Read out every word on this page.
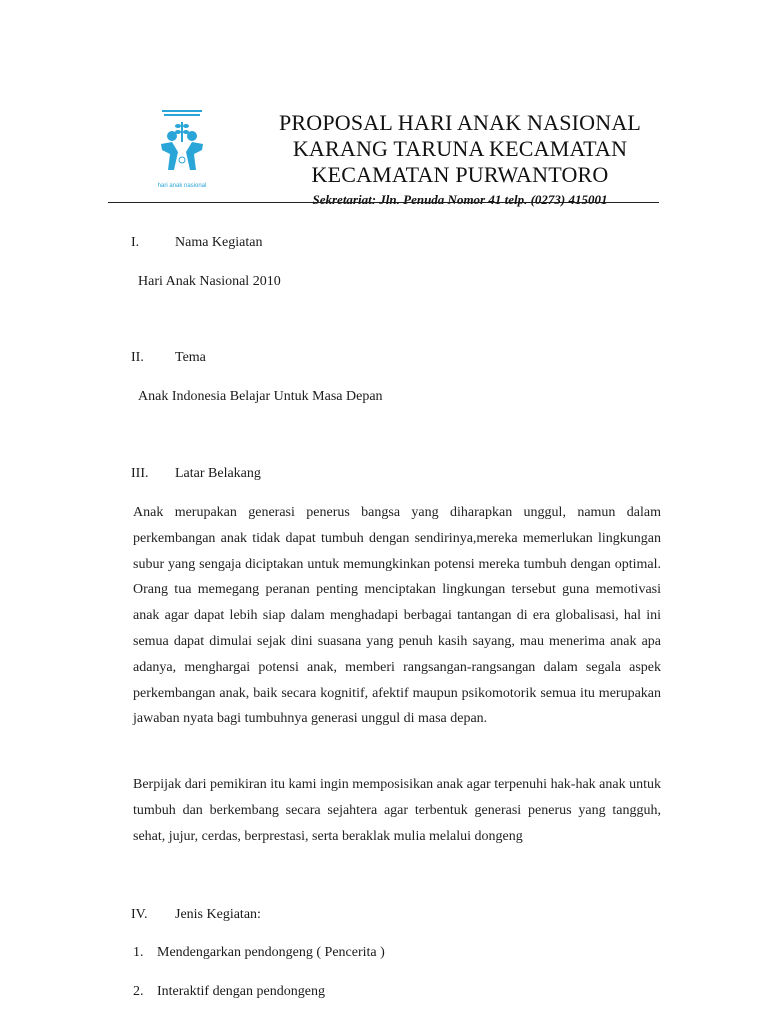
hari anak nasional
PROPOSAL HARI ANAK NASIONAL
KARANG TARUNA KECAMATAN
KECAMATAN PURWANTORO
Sekretariat: Jln. Penuda Nomor 41 telp. (0273) 415001
I.	Nama Kegiatan
Hari Anak Nasional 2010
II. Tema
Anak Indonesia Belajar Untuk Masa Depan
III. Latar Belakang
Anak merupakan generasi penerus bangsa yang diharapkan unggul, namun dalam perkembangan anak tidak dapat tumbuh dengan sendirinya,mereka memerlukan lingkungan subur yang sengaja diciptakan untuk memungkinkan potensi mereka tumbuh dengan optimal. Orang tua memegang peranan penting menciptakan lingkungan tersebut guna memotivasi anak agar dapat lebih siap dalam menghadapi berbagai tantangan di era globalisasi, hal ini semua dapat dimulai sejak dini suasana yang penuh kasih sayang, mau menerima anak apa adanya, menghargai potensi anak, memberi rangsangan-rangsangan dalam segala aspek perkembangan anak, baik secara kognitif, afektif maupun psikomotorik semua itu merupakan jawaban nyata bagi tumbuhnya generasi unggul di masa depan.
Berpijak dari pemikiran itu kami ingin memposisikan anak agar terpenuhi hak-hak anak untuk tumbuh dan berkembang secara sejahtera agar terbentuk generasi penerus yang tangguh, sehat, jujur, cerdas, berprestasi, serta beraklak mulia melalui dongeng
IV. Jenis Kegiatan:
1. Mendengarkan pendongeng ( Pencerita )
2. Interaktif dengan pendongeng
